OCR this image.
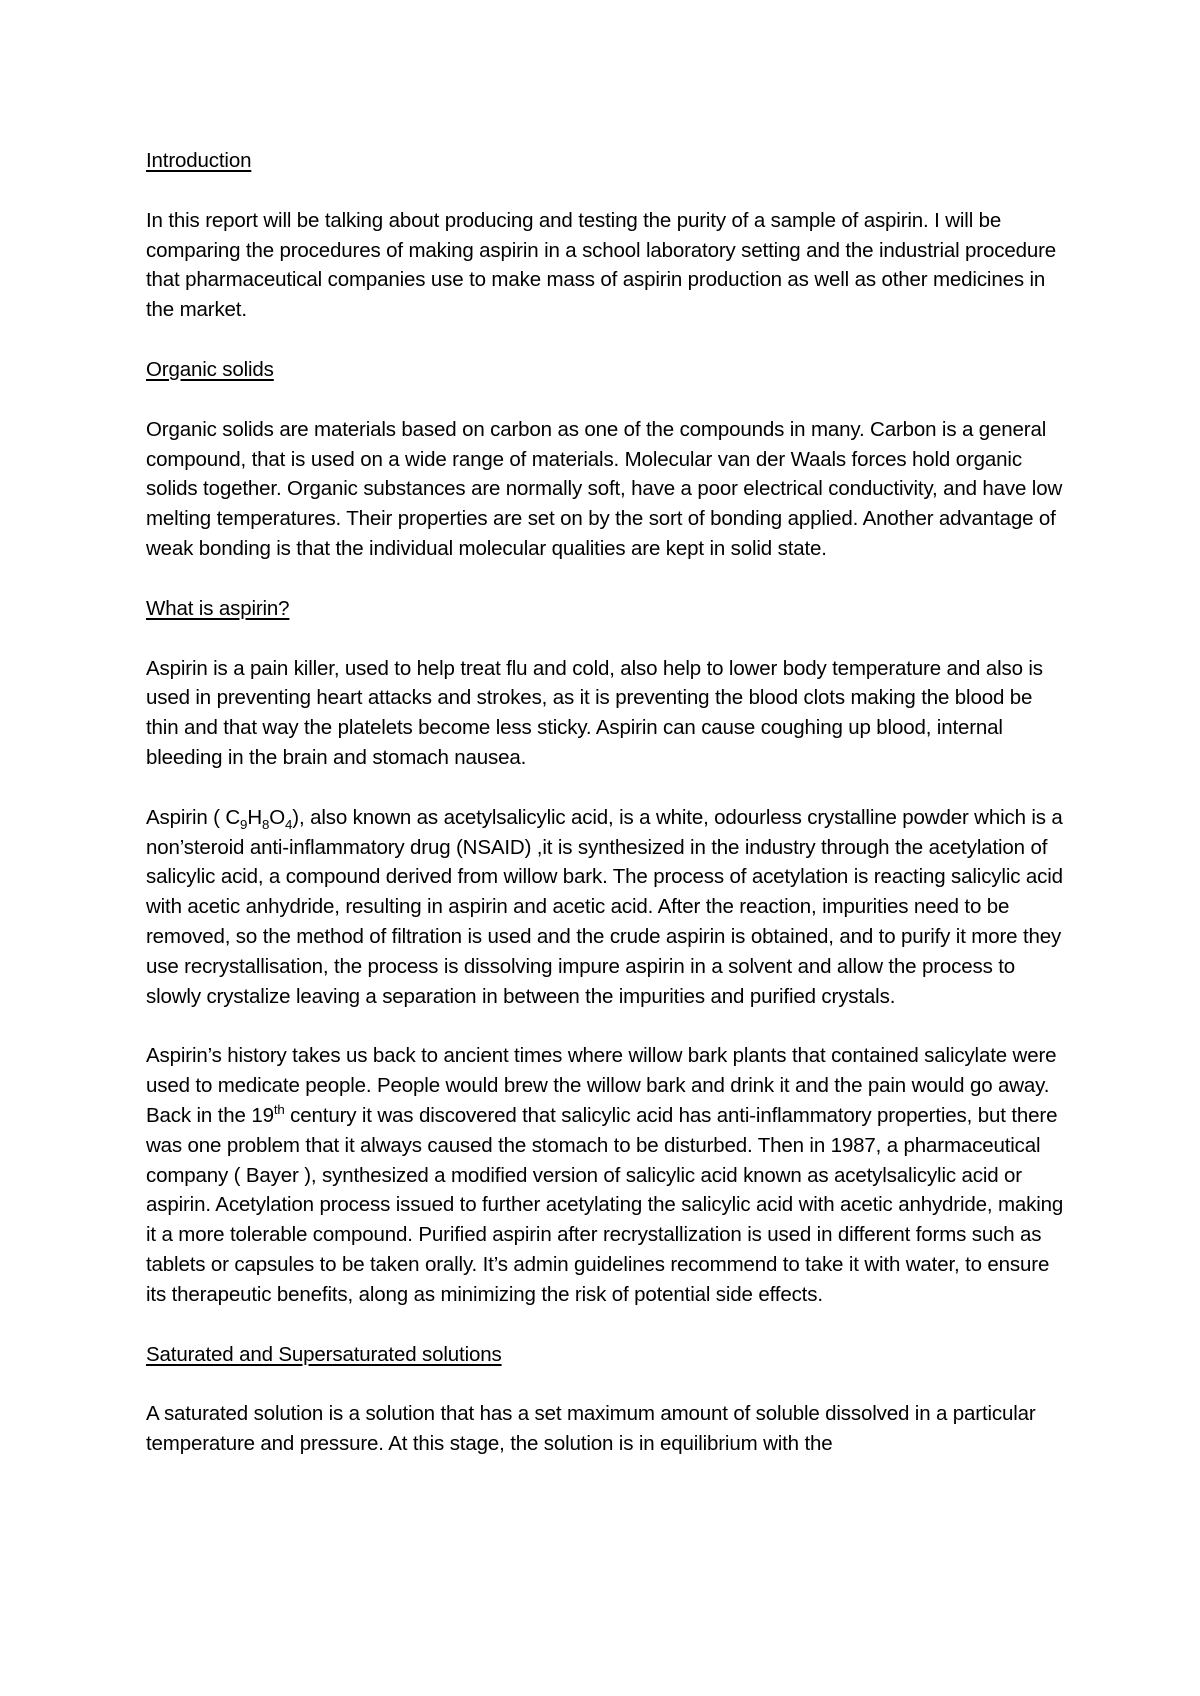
Introduction
In this report will be talking about producing and testing the purity of a sample of aspirin. I will be comparing the procedures of making aspirin in a school laboratory setting and the industrial procedure that pharmaceutical companies use to make mass of aspirin production as well as other medicines in the market.
Organic solids
Organic solids are materials based on carbon as one of the compounds in many. Carbon is a general compound, that is used on a wide range of materials. Molecular van der Waals forces hold organic solids together. Organic substances are normally soft, have a poor electrical conductivity, and have low melting temperatures. Their properties are set on by the sort of bonding applied. Another advantage of weak bonding is that the individual molecular qualities are kept in solid state.
What is aspirin?
Aspirin is a pain killer, used to help treat flu and cold, also help to lower body temperature and also is used in preventing heart attacks and strokes, as it is preventing the blood clots making the blood be thin and that way the platelets become less sticky. Aspirin can cause coughing up blood, internal bleeding in the brain and stomach nausea.
Aspirin ( $C_9H_8O_4$), also known as acetylsalicylic acid, is a white, odourless crystalline powder which is a non’steroid anti-inflammatory drug (NSAID) ,it is synthesized in the industry through the acetylation of salicylic acid, a compound derived from willow bark. The process of acetylation is reacting salicylic acid with acetic anhydride, resulting in aspirin and acetic acid. After the reaction, impurities need to be removed, so the method of filtration is used and the crude aspirin is obtained, and to purify it more they use recrystallisation, the process is dissolving impure aspirin in a solvent and allow the process to slowly crystalize leaving a separation in between the impurities and purified crystals.
Aspirin’s history takes us back to ancient times where willow bark plants that contained salicylate were used to medicate people. People would brew the willow bark and drink it and the pain would go away. Back in the 19th century it was discovered that salicylic acid has anti-inflammatory properties, but there was one problem that it always caused the stomach to be disturbed. Then in 1987, a pharmaceutical company ( Bayer ), synthesized a modified version of salicylic acid known as acetylsalicylic acid or aspirin. Acetylation process issued to further acetylating the salicylic acid with acetic anhydride, making it a more tolerable compound. Purified aspirin after recrystallization is used in different forms such as tablets or capsules to be taken orally. It’s admin guidelines recommend to take it with water, to ensure its therapeutic benefits, along as minimizing the risk of potential side effects.
Saturated and Supersaturated solutions
A saturated solution is a solution that has a set maximum amount of soluble dissolved in a particular temperature and pressure. At this stage, the solution is in equilibrium with the
